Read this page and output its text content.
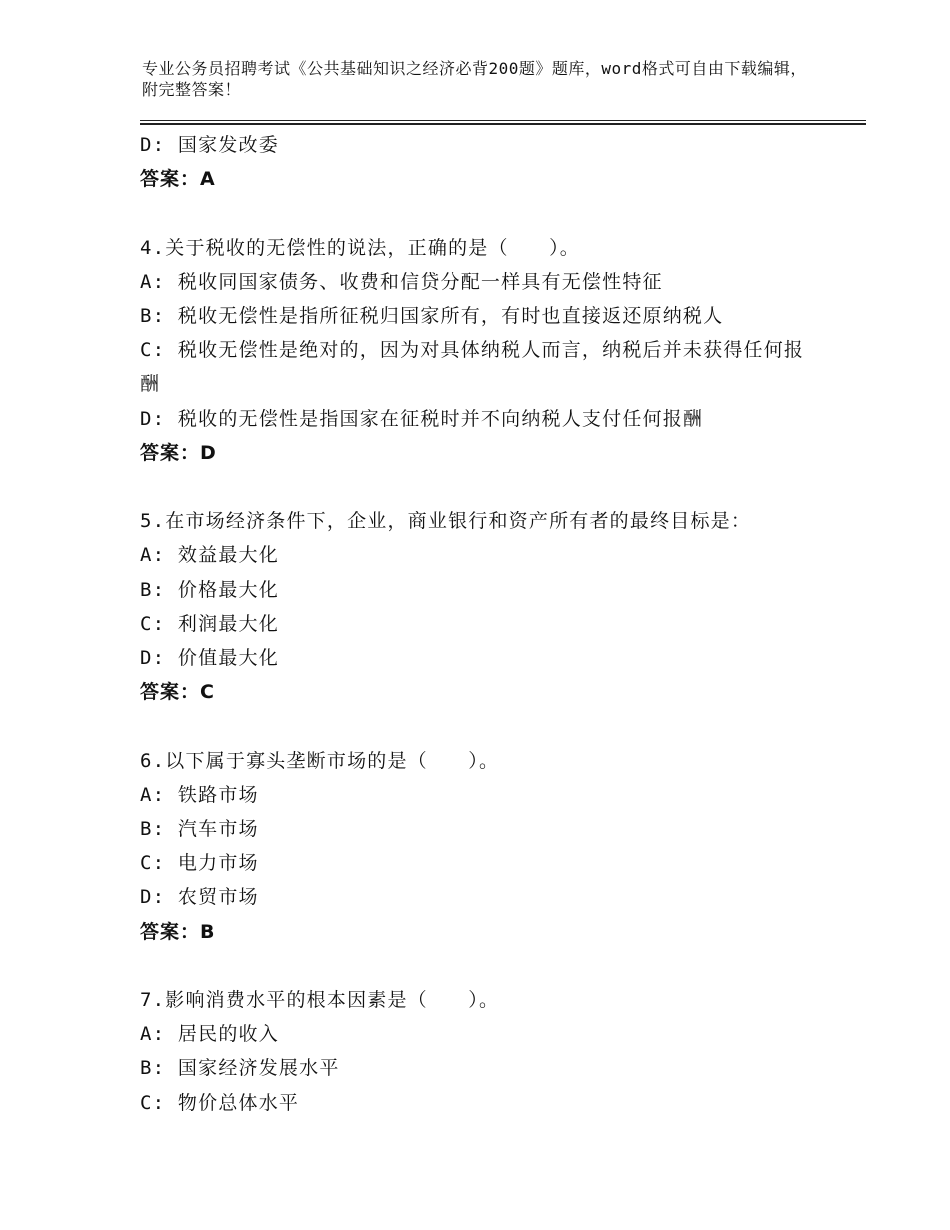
专业公务员招聘考试《公共基础知识之经济必背200题》题库，word格式可自由下载编辑，附完整答案！
D: 国家发改委
答案：A
4.关于税收的无偿性的说法，正确的是（　　）。
A: 税收同国家债务、收费和信贷分配一样具有无偿性特征
B: 税收无偿性是指所征税归国家所有，有时也直接返还原纳税人
C: 税收无偿性是绝对的，因为对具体纳税人而言，纳税后并未获得任何报酬
D: 税收的无偿性是指国家在征税时并不向纳税人支付任何报酬
答案：D
5.在市场经济条件下，企业，商业银行和资产所有者的最终目标是：
A: 效益最大化
B: 价格最大化
C: 利润最大化
D: 价值最大化
答案：C
6.以下属于寡头垄断市场的是（　　）。
A: 铁路市场
B: 汽车市场
C: 电力市场
D: 农贸市场
答案：B
7.影响消费水平的根本因素是（　　）。
A: 居民的收入
B: 国家经济发展水平
C: 物价总体水平
